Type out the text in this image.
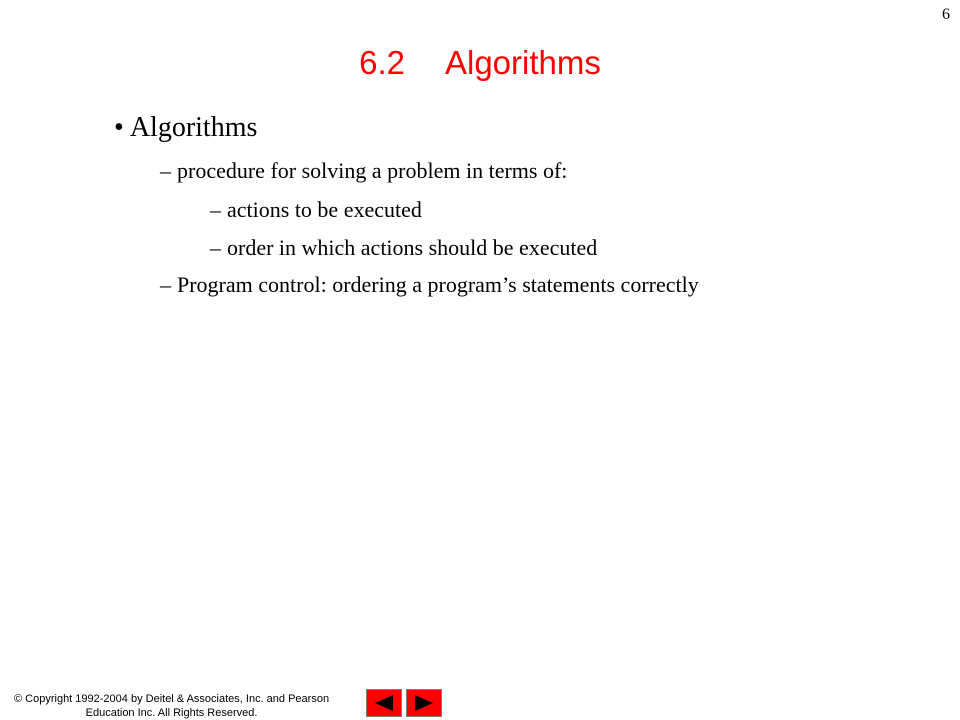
6
6.2 Algorithms
• Algorithms
– procedure for solving a problem in terms of:
– actions to be executed
– order in which actions should be executed
– Program control: ordering a program’s statements correctly
© Copyright 1992-2004 by Deitel & Associates, Inc. and Pearson
Education Inc. All Rights Reserved.
